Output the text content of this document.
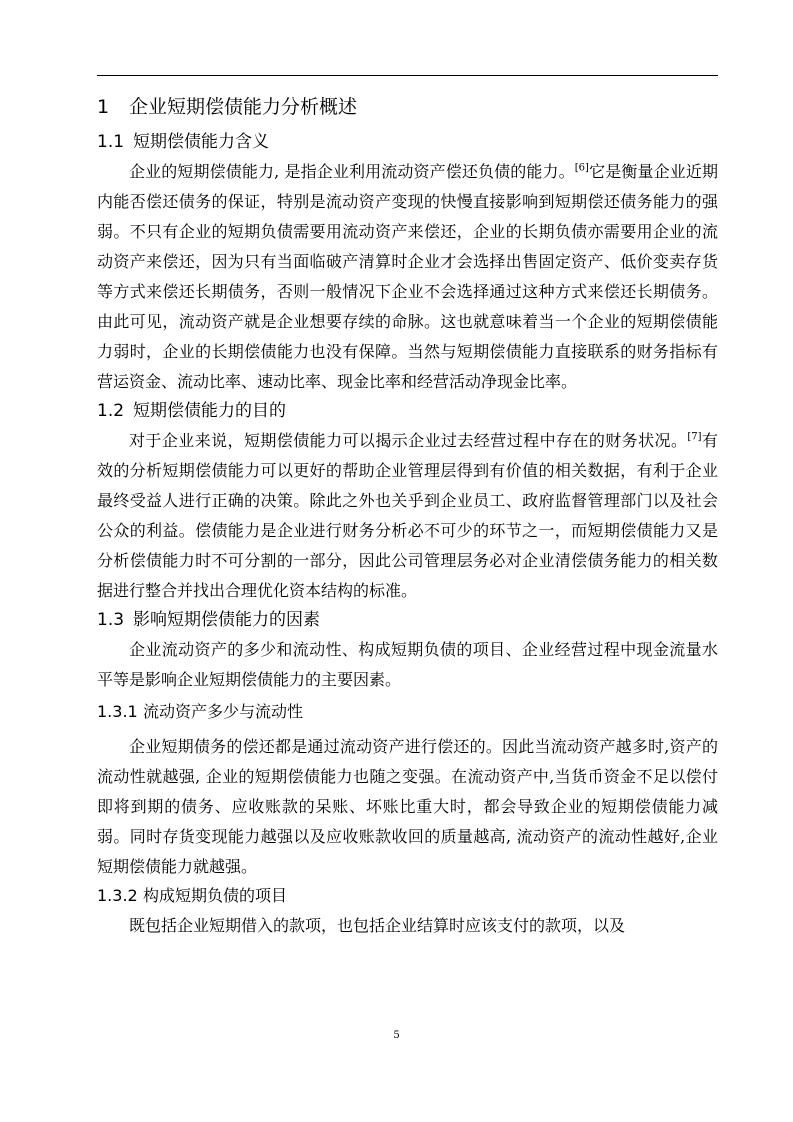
1 企业短期偿债能力分析概述
1.1 短期偿债能力含义

企业的短期偿债能力, 是指企业利用流动资产偿还负债的能力。[6]它是衡量企业近期内能否偿还债务的保证，特别是流动资产变现的快慢直接影响到短期偿还债务能力的强弱。不只有企业的短期负债需要用流动资产来偿还，企业的长期负债亦需要用企业的流动资产来偿还，因为只有当面临破产清算时企业才会选择出售固定资产、低价变卖存货等方式来偿还长期债务，否则一般情况下企业不会选择通过这种方式来偿还长期债务。由此可见，流动资产就是企业想要存续的命脉。这也就意味着当一个企业的短期偿债能力弱时，企业的长期偿债能力也没有保障。当然与短期偿债能力直接联系的财务指标有营运资金、流动比率、速动比率、现金比率和经营活动净现金比率。

1.2 短期偿债能力的目的

对于企业来说，短期偿债能力可以揭示企业过去经营过程中存在的财务状况。[7]有效的分析短期偿债能力可以更好的帮助企业管理层得到有价值的相关数据，有利于企业最终受益人进行正确的决策。除此之外也关乎到企业员工、政府监督管理部门以及社会公众的利益。偿债能力是企业进行财务分析必不可少的环节之一，而短期偿债能力又是分析偿债能力时不可分割的一部分，因此公司管理层务必对企业清偿债务能力的相关数据进行整合并找出合理优化资本结构的标准。

1.3 影响短期偿债能力的因素

企业流动资产的多少和流动性、构成短期负债的项目、企业经营过程中现金流量水平等是影响企业短期偿债能力的主要因素。

1.3.1 流动资产多少与流动性

企业短期债务的偿还都是通过流动资产进行偿还的。因此当流动资产越多时,资产的流动性就越强, 企业的短期偿债能力也随之变强。在流动资产中,当货币资金不足以偿付即将到期的债务、应收账款的呆账、坏账比重大时，都会导致企业的短期偿债能力减弱。同时存货变现能力越强以及应收账款收回的质量越高, 流动资产的流动性越好,企业短期偿债能力就越强。

1.3.2 构成短期负债的项目

既包括企业短期借入的款项，也包括企业结算时应该支付的款项，以及

5
